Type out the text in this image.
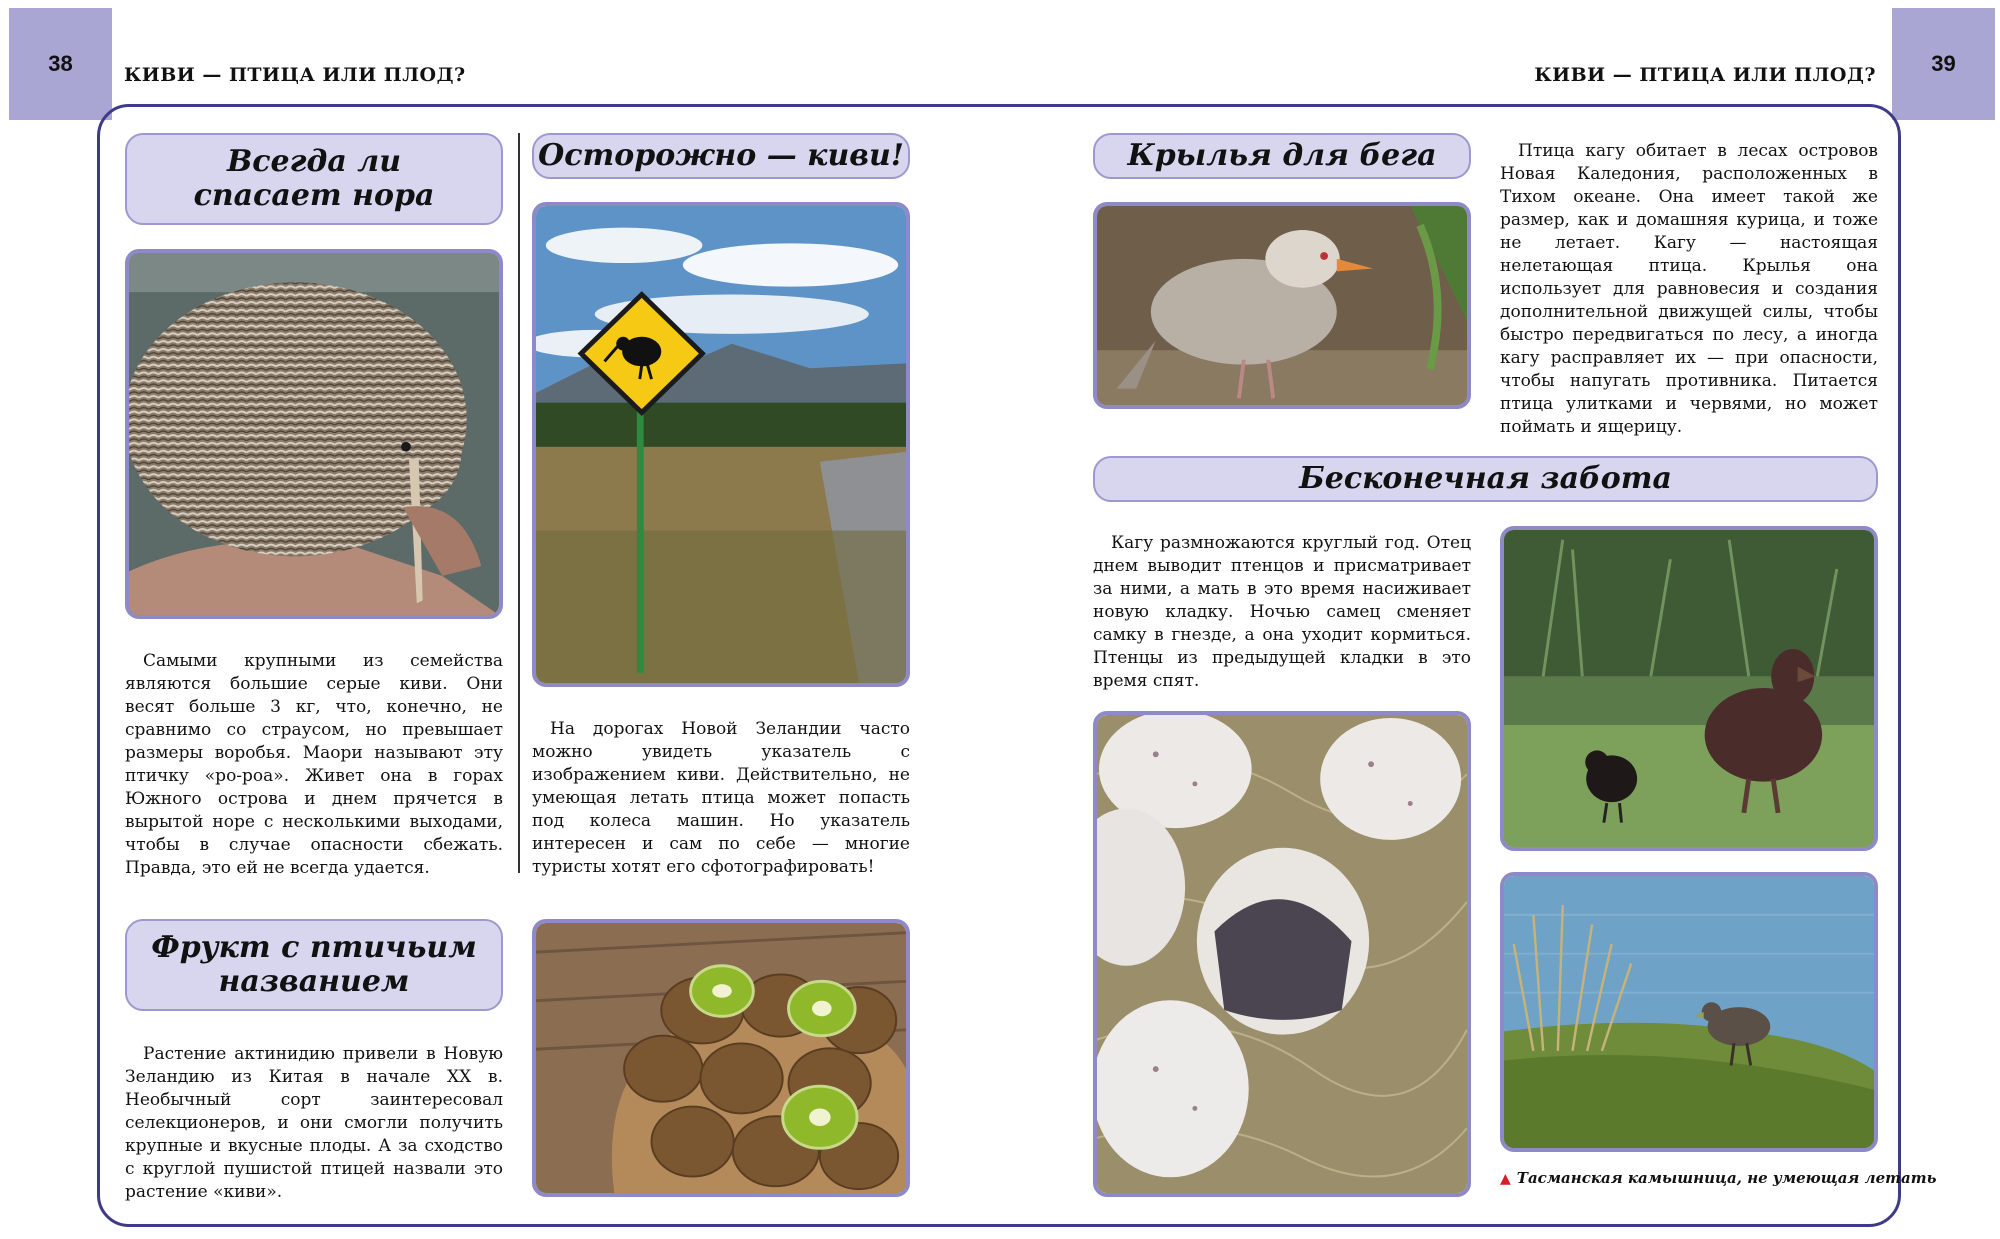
38	39
КИВИ — ПТИЦА ИЛИ ПЛОД?	КИВИ — ПТИЦА ИЛИ ПЛОД?
Всегда ли
спасает нора

Самыми крупными из семейства являются большие серые киви. Они весят больше 3 кг, что, конечно, не сравнимо со страусом, но превышает размеры воробья. Маори называют эту птичку «ро-роа». Живет она в горах Южного острова и днем прячется в вырытой норе с несколькими выходами, чтобы в случае опасности сбежать. Правда, это ей не всегда удается.

Фрукт с птичьим
названием

Растение актинидию привели в Новую Зеландию из Китая в начале XX в. Необычный сорт заинтересовал селекционеров, и они смогли получить крупные и вкусные плоды. А за сходство с круглой пушистой птицей назвали это растение «киви».

Осторожно — киви!

На дорогах Новой Зеландии часто можно увидеть указатель с изображением киви. Действительно, не умеющая летать птица может попасть под колеса машин. Но указатель интересен и сам по себе — многие туристы хотят его сфотографировать!

Крылья для бега	Птица кагу обитает в лесах островов Новая Каледония, расположенных в Тихом океане. Она имеет такой же размер, как и домашняя курица, и тоже не летает. Кагу — настоящая нелетающая птица. Крылья она использует для равновесия и создания дополнительной движущей силы, чтобы быстро передвигаться по лесу, а иногда кагу расправляет их — при опасности, чтобы напугать противника. Питается птица улитками и червями, но может поймать и ящерицу.

Бесконечная забота

Кагу размножаются круглый год. Отец днем выводит птенцов и присматривает за ними, а мать в это время насиживает новую кладку. Ночью самец сменяет самку в гнезде, а она уходит кормиться. Птенцы из предыдущей кладки в это время спят.

▲ Тасманская камышница, не умеющая летать
